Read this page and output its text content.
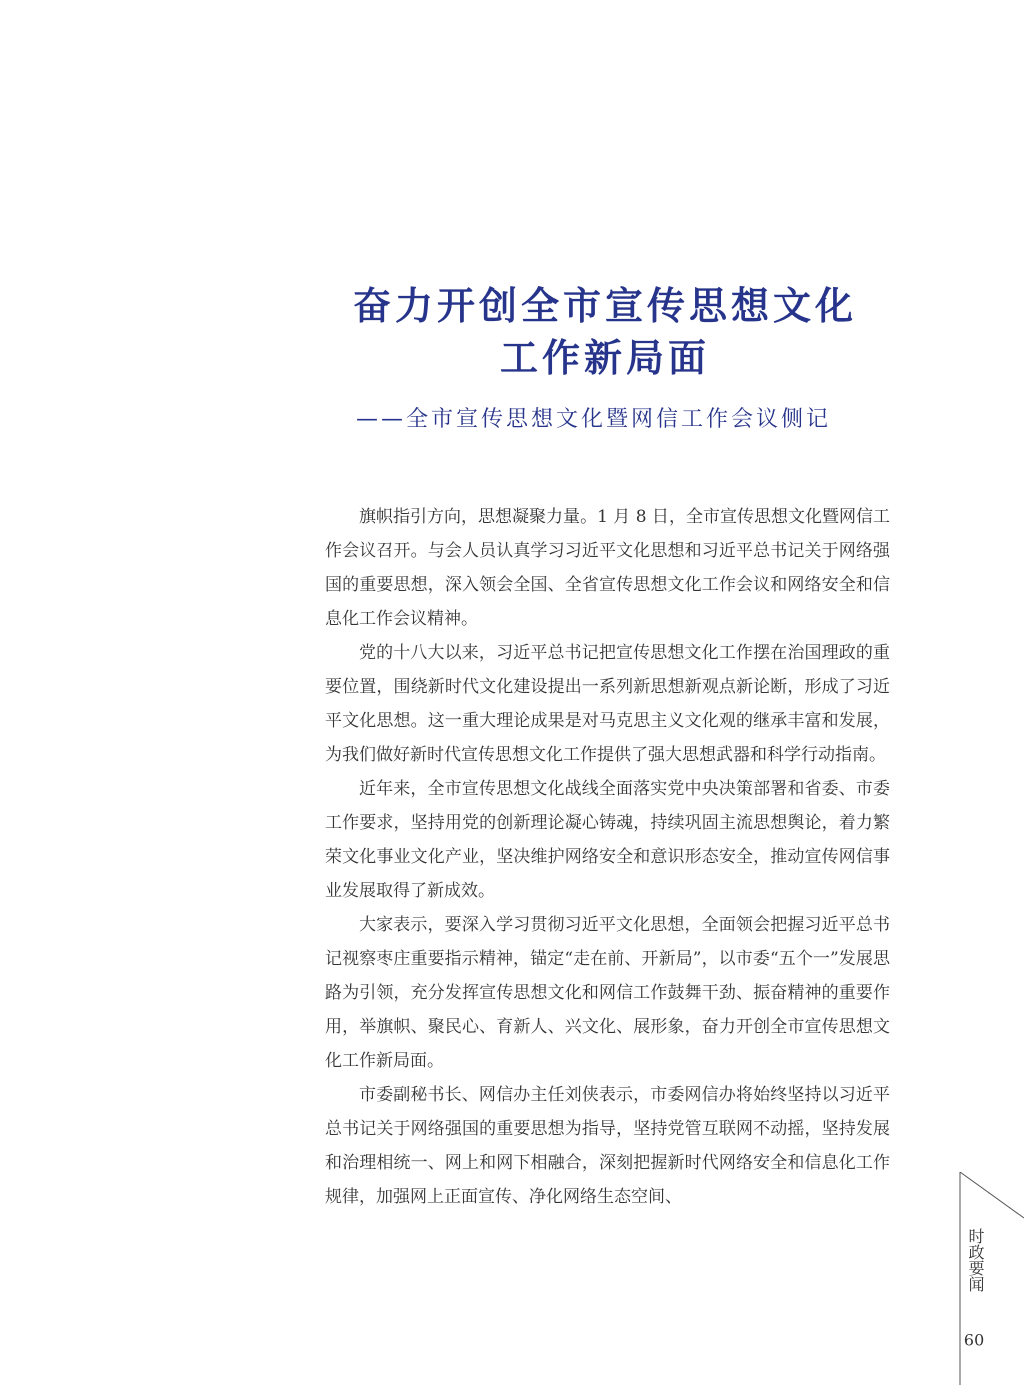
奋力开创全市宣传思想文化
工作新局面
——全市宣传思想文化暨网信工作会议侧记

旗帜指引方向，思想凝聚力量。1 月 8 日，全市宣传思想文化暨网信工作会议召开。与会人员认真学习习近平文化思想和习近平总书记关于网络强国的重要思想，深入领会全国、全省宣传思想文化工作会议和网络安全和信息化工作会议精神。

党的十八大以来，习近平总书记把宣传思想文化工作摆在治国理政的重要位置，围绕新时代文化建设提出一系列新思想新观点新论断，形成了习近平文化思想。这一重大理论成果是对马克思主义文化观的继承丰富和发展，为我们做好新时代宣传思想文化工作提供了强大思想武器和科学行动指南。

近年来，全市宣传思想文化战线全面落实党中央决策部署和省委、市委工作要求，坚持用党的创新理论凝心铸魂，持续巩固主流思想舆论，着力繁荣文化事业文化产业，坚决维护网络安全和意识形态安全，推动宣传网信事业发展取得了新成效。

大家表示，要深入学习贯彻习近平文化思想，全面领会把握习近平总书记视察枣庄重要指示精神，锚定“走在前、开新局”，以市委“五个一”发展思路为引领，充分发挥宣传思想文化和网信工作鼓舞干劲、振奋精神的重要作用，举旗帜、聚民心、育新人、兴文化、展形象，奋力开创全市宣传思想文化工作新局面。

市委副秘书长、网信办主任刘侠表示，市委网信办将始终坚持以习近平总书记关于网络强国的重要思想为指导，坚持党管互联网不动摇，坚持发展和治理相统一、网上和网下相融合，深刻把握新时代网络安全和信息化工作规律，加强网上正面宣传、净化网络生态空间、

时政要闻
09
